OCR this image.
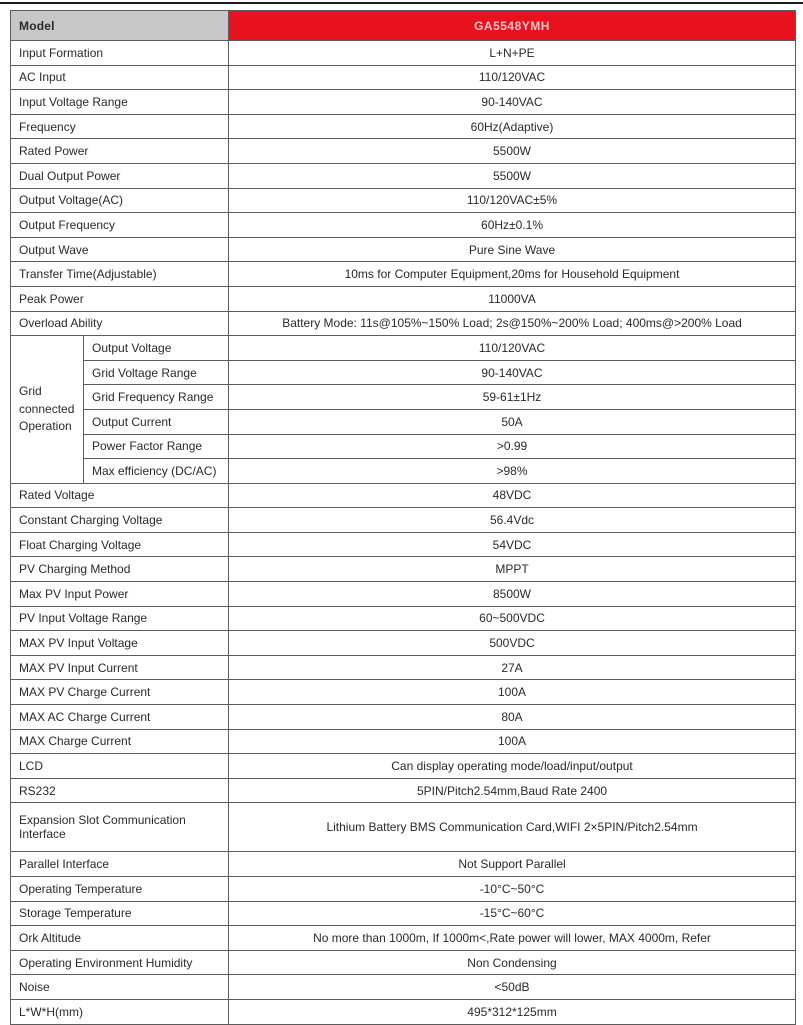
Model		GA5548YMH
Input Formation		L+N+PE
AC Input		110/120VAC
Input Voltage Range		90-140VAC
Frequency		60Hz(Adaptive)
Rated Power		5500W
Dual Output Power		5500W
Output Voltage(AC)		110/120VAC±5%
Output Frequency		60Hz±0.1%
Output Wave		Pure Sine Wave
Transfer Time(Adjustable)		10ms for Computer Equipment,20ms for Household Equipment
Peak Power		11000VA
Overload Ability		Battery Mode: 11s@105%~150% Load; 2s@150%~200% Load; 400ms@>200% Load
Grid connected Operation	Output Voltage	110/120VAC
	Grid Voltage Range	90-140VAC
	Grid Frequency Range	59-61±1Hz
	Output Current	50A
	Power Factor Range	>0.99
	Max efficiency (DC/AC)	>98%
Rated Voltage		48VDC
Constant Charging Voltage		56.4Vdc
Float Charging Voltage		54VDC
PV Charging Method		MPPT
Max PV Input Power		8500W
PV Input Voltage Range		60~500VDC
MAX PV Input Voltage		500VDC
MAX PV Input Current		27A
MAX PV Charge Current		100A
MAX AC Charge Current		80A
MAX Charge Current		100A
LCD		Can display operating mode/load/input/output
RS232		5PIN/Pitch2.54mm,Baud Rate 2400
Expansion Slot Communication Interface		Lithium Battery BMS Communication Card,WIFI 2×5PIN/Pitch2.54mm
Parallel Interface		Not Support Parallel
Operating Temperature		-10°C~50°C
Storage Temperature		-15°C~60°C
Ork Altitude		No more than 1000m, If 1000m<,Rate power will lower, MAX 4000m, Refer
Operating Environment Humidity		Non Condensing
Noise		<50dB
L*W*H(mm)		495*312*125mm
